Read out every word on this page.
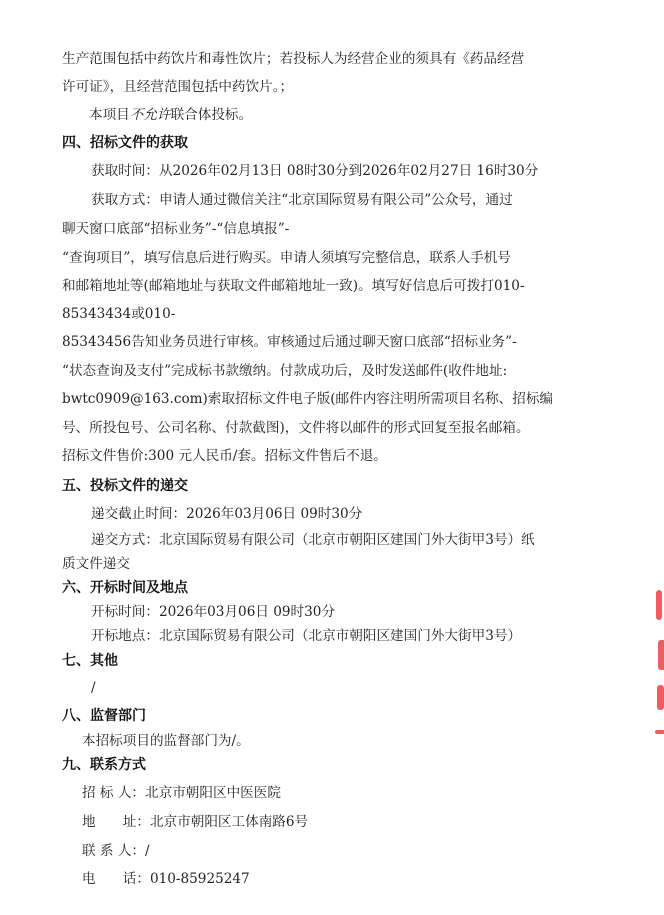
生产范围包括中药饮片和毒性饮片；若投标人为经营企业的须具有《药品经营
许可证》，且经营范围包括中药饮片。；
本项目不允许联合体投标。
四、招标文件的获取
获取时间：从2026年02月13日 08时30分到2026年02月27日 16时30分
获取方式：申请人通过微信关注“北京国际贸易有限公司”公众号，通过
聊天窗口底部“招标业务”-“信息填报”-
“查询项目”，填写信息后进行购买。申请人须填写完整信息，联系人手机号
和邮箱地址等(邮箱地址与获取文件邮箱地址一致)。填写好信息后可拨打010-
85343434或010-
85343456告知业务员进行审核。审核通过后通过聊天窗口底部“招标业务”-
“状态查询及支付”完成标书款缴纳。付款成功后，及时发送邮件(收件地址:
bwtc0909@163.com)索取招标文件电子版(邮件内容注明所需项目名称、招标编
号、所投包号、公司名称、付款截图)，文件将以邮件的形式回复至报名邮箱。
招标文件售价:300 元人民币/套。招标文件售后不退。
五、投标文件的递交
递交截止时间：2026年03月06日 09时30分
递交方式：北京国际贸易有限公司（北京市朝阳区建国门外大街甲3号）纸
质文件递交
六、开标时间及地点
开标时间：2026年03月06日 09时30分
开标地点：北京国际贸易有限公司（北京市朝阳区建国门外大街甲3号）
七、其他
/
八、监督部门
本招标项目的监督部门为/。
九、联系方式
招 标 人：北京市朝阳区中医医院
地　　址：北京市朝阳区工体南路6号
联 系 人：/
电　　话：010-85925247
